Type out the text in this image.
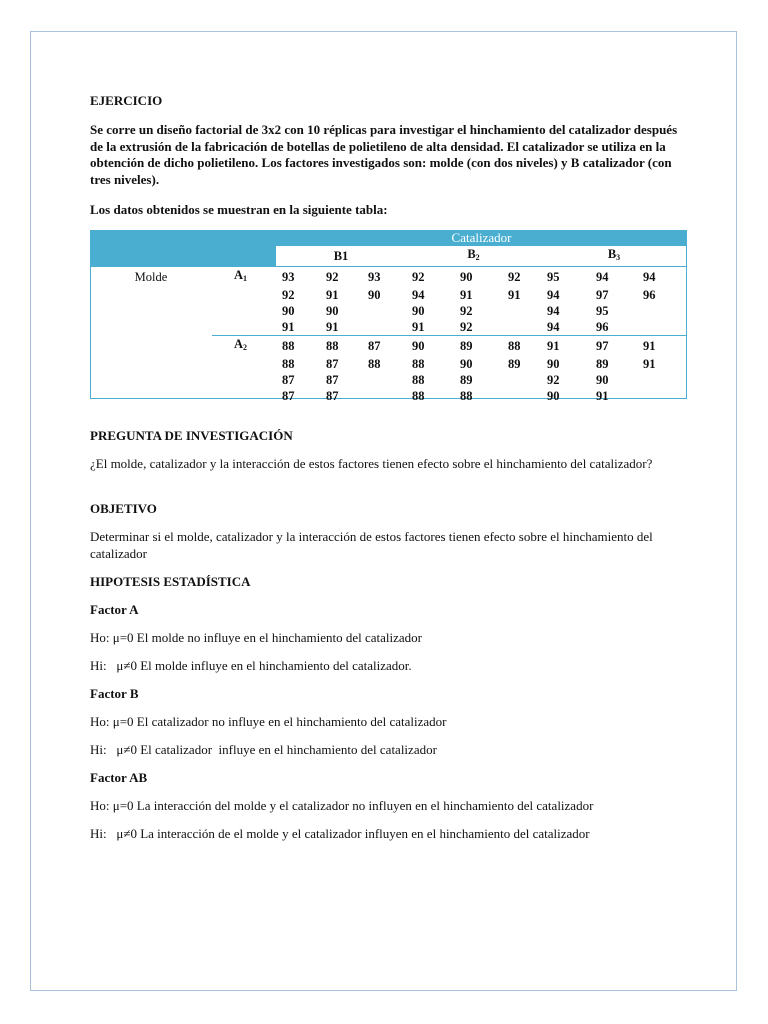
EJERCICIO

Se corre un diseño factorial de 3x2 con 10 réplicas para investigar el hinchamiento del catalizador después de la extrusión de la fabricación de botellas de polietileno de alta densidad. El catalizador se utiliza en la obtención de dicho polietileno. Los factores investigados son: molde (con dos niveles) y B catalizador (con tres niveles).

Los datos obtenidos se muestran en la siguiente tabla:

		Catalizador								
		B1			$B_2$			$B_3$
Molde	$A_1$	93	92	93	92	90	92	95	94	94
		92	91	90	94	91	91	94	97	96
		90	90		90	92		94	95	
		91	91		91	92		94	96	
	$A_2$	88	88	87	90	89	88	91	97	91
		88	87	88	88	90	89	90	89	91
		87	87		88	89		92	90	
		87	87		88	88		90	91	

PREGUNTA DE INVESTIGACIÓN

¿El molde, catalizador y la interacción de estos factores tienen efecto sobre el hinchamiento del catalizador?

OBJETIVO

Determinar si el molde, catalizador y la interacción de estos factores tienen efecto sobre el hinchamiento del catalizador

HIPOTESIS ESTADÍSTICA

Factor A

Ho: μ=0 El molde no influye en el hinchamiento del catalizador

Hi:   μ≠0 El molde influye en el hinchamiento del catalizador.

Factor B

Ho: μ=0 El catalizador no influye en el hinchamiento del catalizador

Hi:   μ≠0 El catalizador  influye en el hinchamiento del catalizador

Factor AB

Ho: μ=0 La interacción del molde y el catalizador no influyen en el hinchamiento del catalizador

Hi:   μ≠0 La interacción de el molde y el catalizador influyen en el hinchamiento del catalizador
